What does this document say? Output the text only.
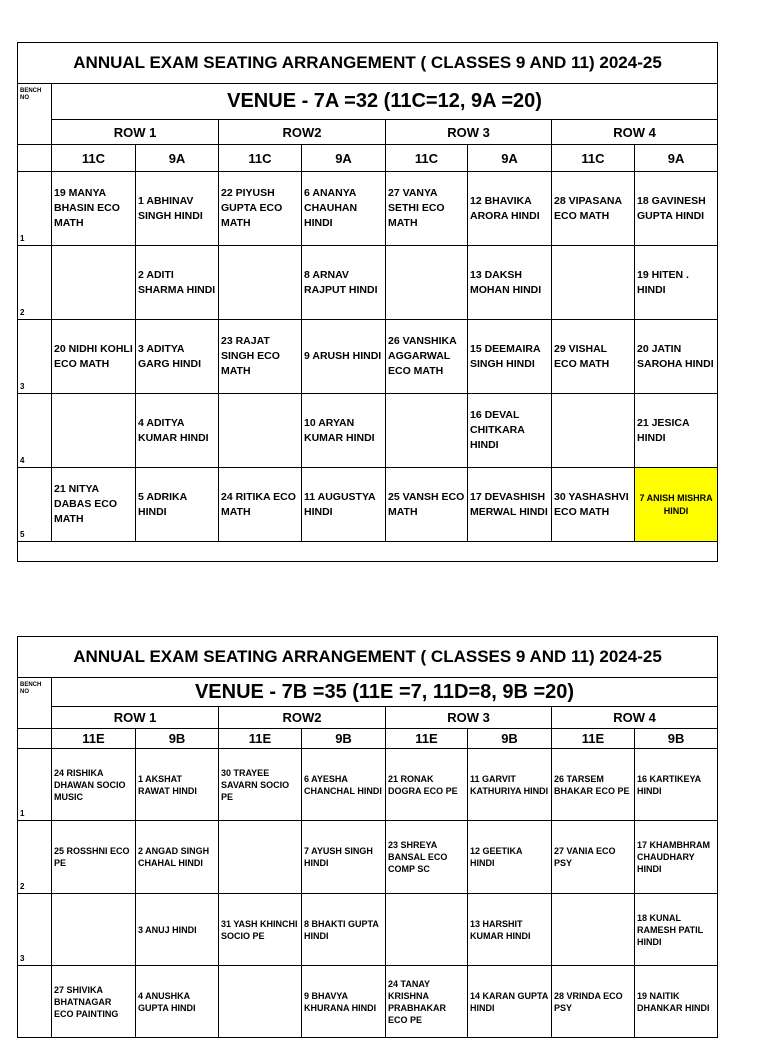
ANNUAL EXAM SEATING ARRANGEMENT ( CLASSES 9 AND 11) 2024-25								
BENCH NO	VENUE - 7A =32 (11C=12, 9A =20)							
	ROW 1		ROW2		ROW 3		ROW 4	
	11C	9A	11C	9A	11C	9A	11C	9A
1	19 MANYA BHASIN ECO MATH	1 ABHINAV SINGH HINDI	22 PIYUSH GUPTA ECO MATH	6 ANANYA CHAUHAN HINDI	27 VANYA SETHI ECO MATH	12 BHAVIKA ARORA HINDI	28 VIPASANA ECO MATH	18 GAVINESH GUPTA HINDI
2		2 ADITI SHARMA HINDI		8 ARNAV RAJPUT HINDI		13 DAKSH MOHAN HINDI		19 HITEN . HINDI
3	20 NIDHI KOHLI ECO MATH	3 ADITYA GARG HINDI	23 RAJAT SINGH ECO MATH	9 ARUSH HINDI	26 VANSHIKA AGGARWAL ECO MATH	15 DEEMAIRA SINGH HINDI	29 VISHAL ECO MATH	20 JATIN SAROHA HINDI
4		4 ADITYA KUMAR HINDI		10 ARYAN KUMAR HINDI		16 DEVAL CHITKARA HINDI		21 JESICA HINDI
5	21 NITYA DABAS ECO MATH	5 ADRIKA HINDI	24 RITIKA ECO MATH	11 AUGUSTYA HINDI	25 VANSH ECO MATH	17 DEVASHISH MERWAL HINDI	30 YASHASHVI ECO MATH	7 ANISH MISHRA HINDI

ANNUAL EXAM SEATING ARRANGEMENT ( CLASSES 9 AND 11) 2024-25								
BENCH NO	VENUE - 7B =35 (11E =7, 11D=8, 9B =20)							
	ROW 1		ROW2		ROW 3		ROW 4	
	11E	9B	11E	9B	11E	9B	11E	9B
1	24 RISHIKA DHAWAN SOCIO MUSIC	1 AKSHAT RAWAT HINDI	30 TRAYEE SAVARN SOCIO PE	6 AYESHA CHANCHAL HINDI	21 RONAK DOGRA ECO PE	11 GARVIT KATHURIYA HINDI	26 TARSEM BHAKAR ECO PE	16 KARTIKEYA HINDI
2	25 ROSSHNI ECO PE	2 ANGAD SINGH CHAHAL HINDI		7 AYUSH SINGH HINDI	23 SHREYA BANSAL ECO COMP SC	12 GEETIKA HINDI	27 VANIA ECO PSY	17 KHAMBHRAM CHAUDHARY HINDI
3		3 ANUJ HINDI	31 YASH KHINCHI SOCIO PE	8 BHAKTI GUPTA HINDI		13 HARSHIT KUMAR HINDI		18 KUNAL RAMESH PATIL HINDI
	27 SHIVIKA BHATNAGAR ECO PAINTING	4 ANUSHKA GUPTA HINDI		9 BHAVYA KHURANA HINDI	24 TANAY KRISHNA PRABHAKAR ECO PE	14 KARAN GUPTA HINDI	28 VRINDA ECO PSY	19 NAITIK DHANKAR HINDI
